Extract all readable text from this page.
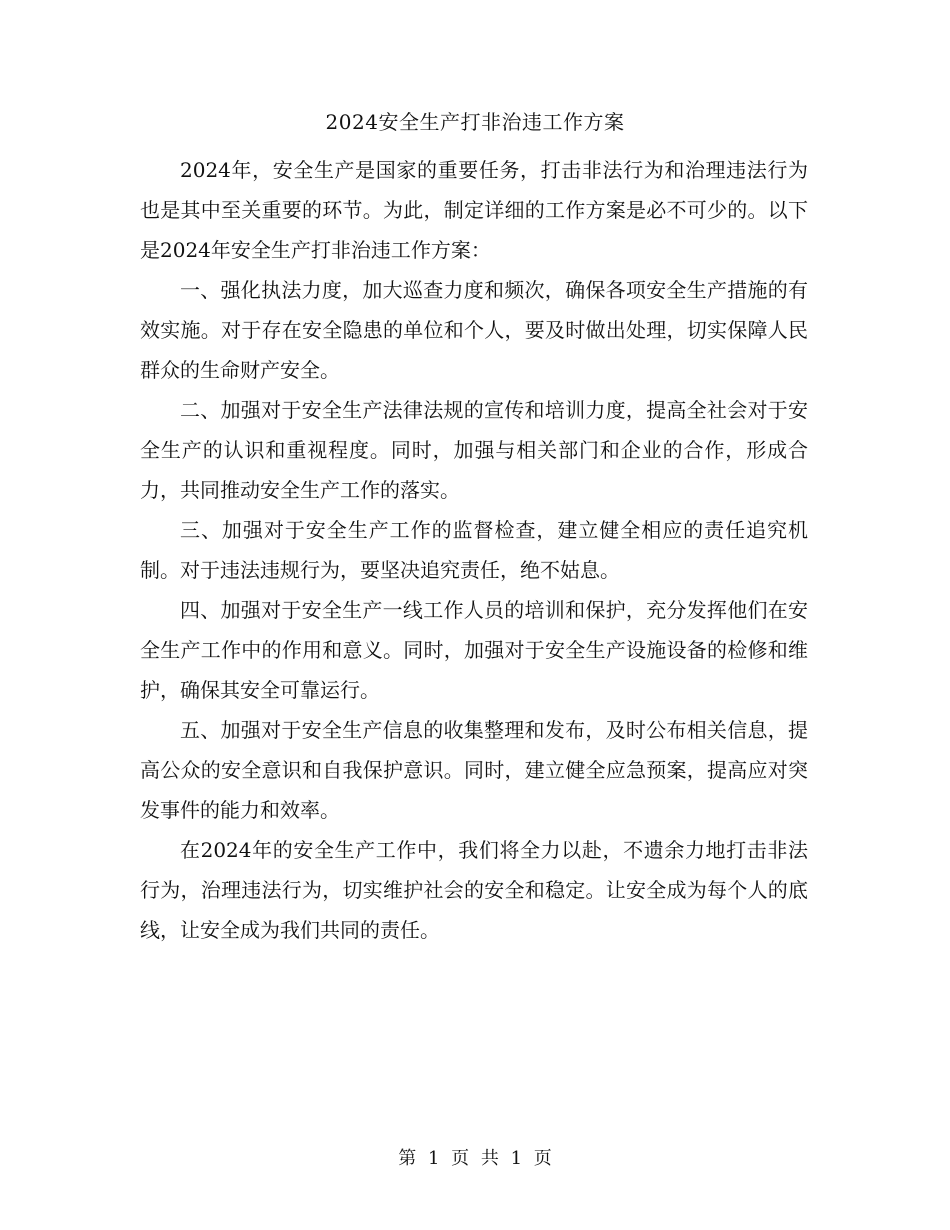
2024安全生产打非治违工作方案

2024年，安全生产是国家的重要任务，打击非法行为和治理违法行为也是其中至关重要的环节。为此，制定详细的工作方案是必不可少的。以下是2024年安全生产打非治违工作方案：

一、强化执法力度，加大巡查力度和频次，确保各项安全生产措施的有效实施。对于存在安全隐患的单位和个人，要及时做出处理，切实保障人民群众的生命财产安全。

二、加强对于安全生产法律法规的宣传和培训力度，提高全社会对于安全生产的认识和重视程度。同时，加强与相关部门和企业的合作，形成合力，共同推动安全生产工作的落实。

三、加强对于安全生产工作的监督检查，建立健全相应的责任追究机制。对于违法违规行为，要坚决追究责任，绝不姑息。

四、加强对于安全生产一线工作人员的培训和保护，充分发挥他们在安全生产工作中的作用和意义。同时，加强对于安全生产设施设备的检修和维护，确保其安全可靠运行。

五、加强对于安全生产信息的收集整理和发布，及时公布相关信息，提高公众的安全意识和自我保护意识。同时，建立健全应急预案，提高应对突发事件的能力和效率。

在2024年的安全生产工作中，我们将全力以赴，不遗余力地打击非法行为，治理违法行为，切实维护社会的安全和稳定。让安全成为每个人的底线，让安全成为我们共同的责任。

第 1 页 共 1 页
